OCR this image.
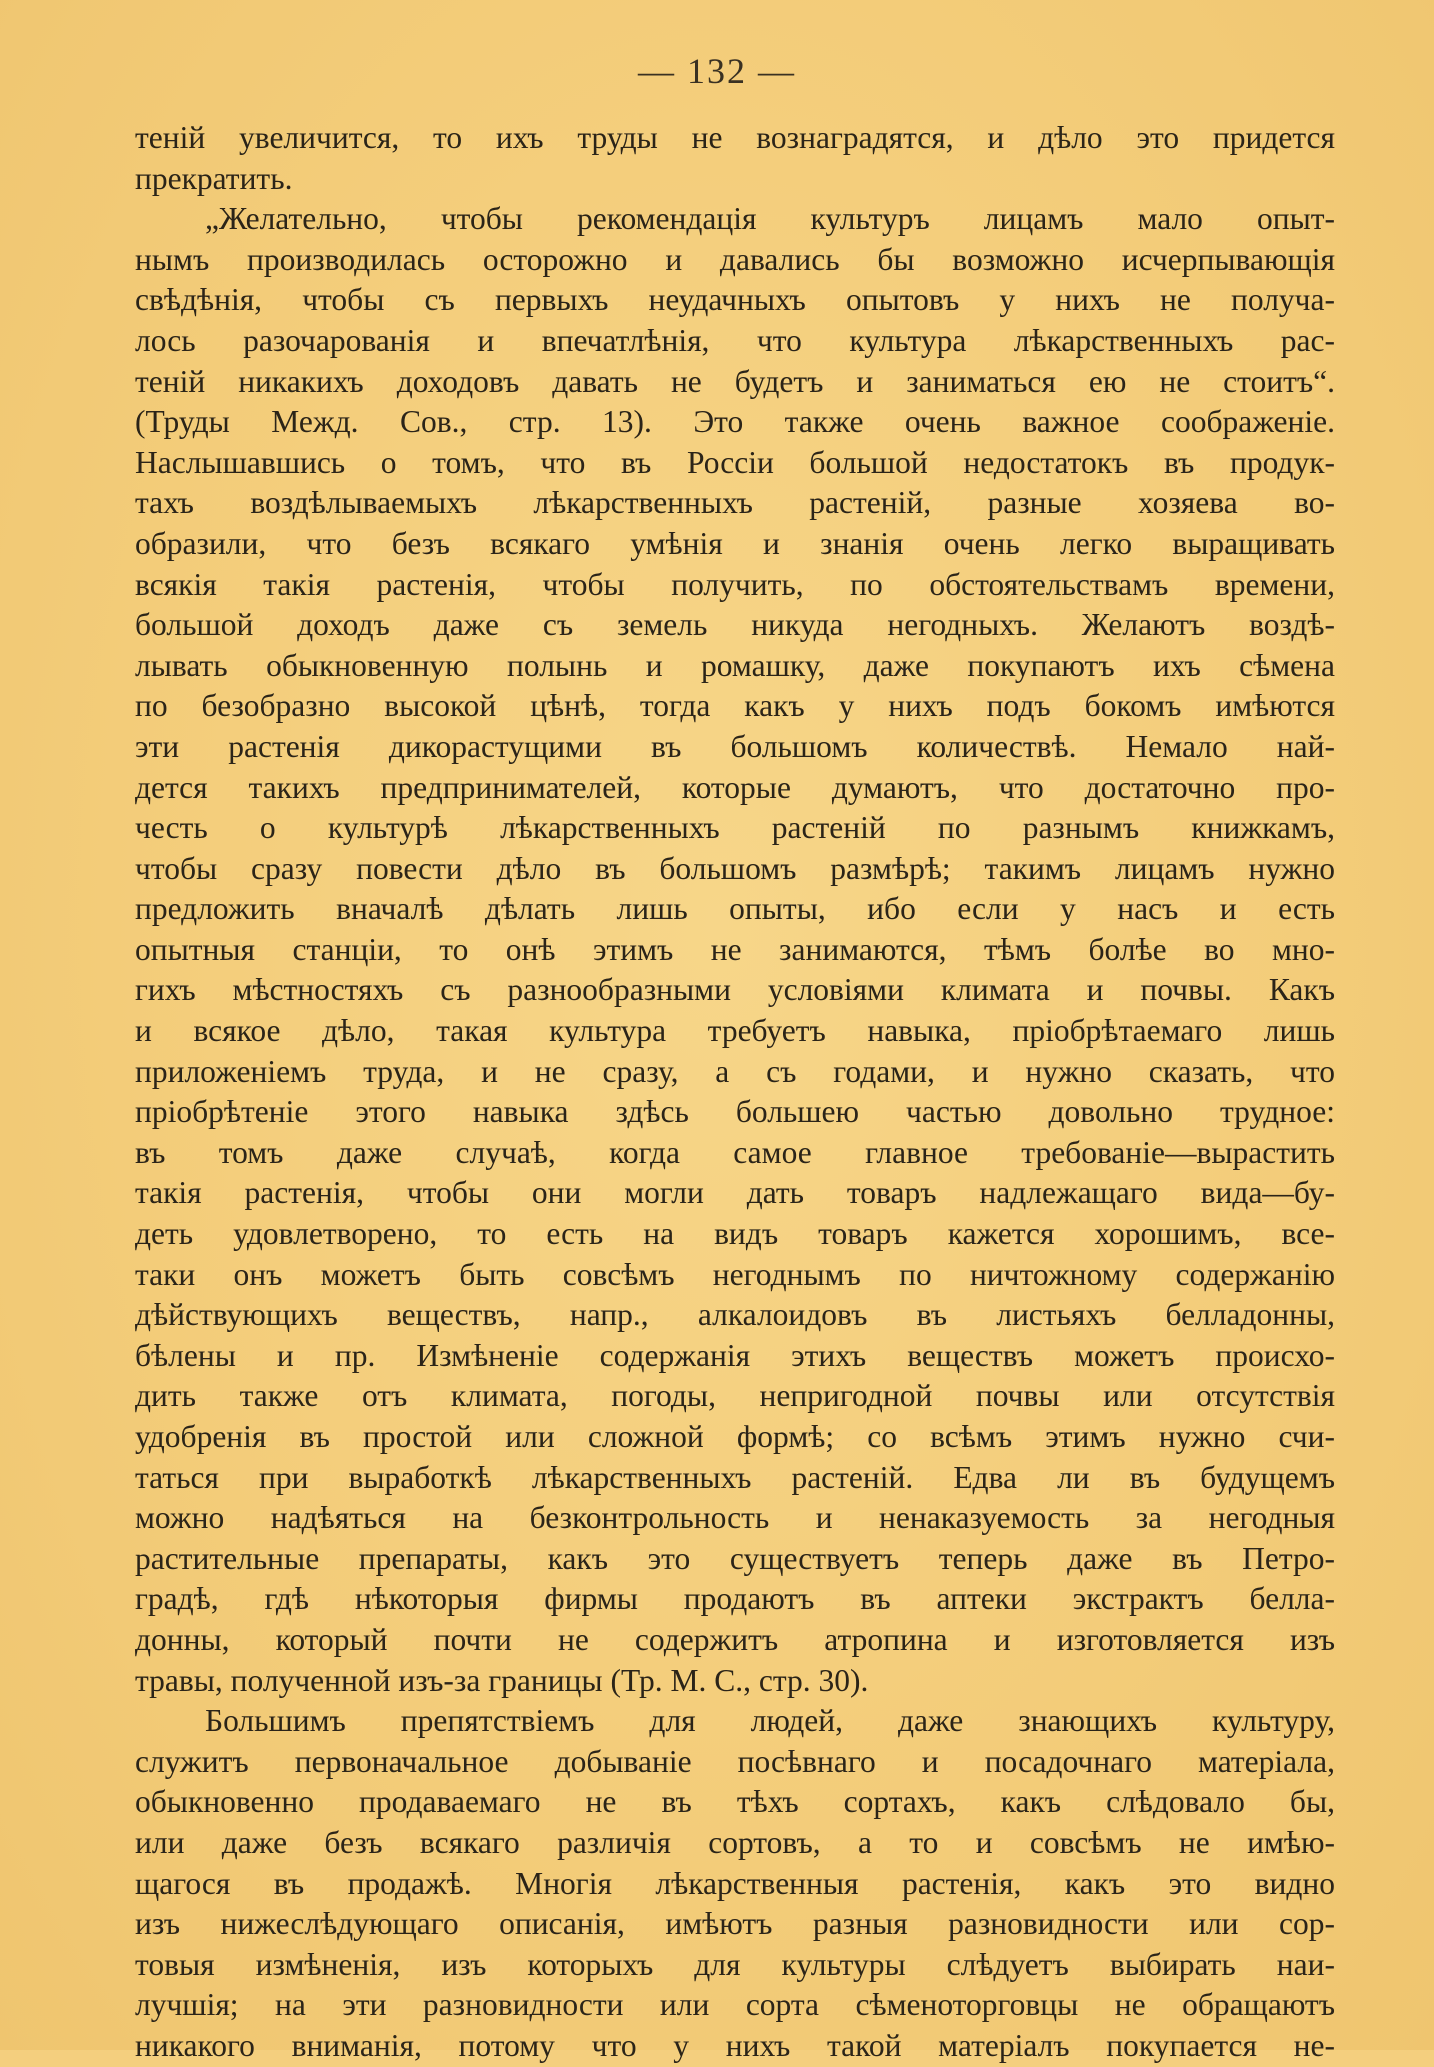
— 132 —
теній увеличится, то ихъ труды не вознаградятся, и дѣло это придется
прекратить.
„Желательно, чтобы рекомендація культуръ лицамъ мало опыт-
нымъ производилась осторожно и давались бы возможно исчерпывающія
свѣдѣнія, чтобы съ первыхъ неудачныхъ опытовъ у нихъ не получа-
лось разочарованія и впечатлѣнія, что культура лѣкарственныхъ рас-
теній никакихъ доходовъ давать не будетъ и заниматься ею не стоитъ“.
(Труды Межд. Сов., стр. 13). Это также очень важное соображеніе.
Наслышавшись о томъ, что въ Россіи большой недостатокъ въ продук-
тахъ воздѣлываемыхъ лѣкарственныхъ растеній, разные хозяева во-
образили, что безъ всякаго умѣнія и знанія очень легко выращивать
всякія такія растенія, чтобы получить, по обстоятельствамъ времени,
большой доходъ даже съ земель никуда негодныхъ. Желаютъ воздѣ-
лывать обыкновенную полынь и ромашку, даже покупаютъ ихъ сѣмена
по безобразно высокой цѣнѣ, тогда какъ у нихъ подъ бокомъ имѣются
эти растенія дикорастущими въ большомъ количествѣ. Немало най-
дется такихъ предпринимателей, которые думаютъ, что достаточно про-
честь о культурѣ лѣкарственныхъ растеній по разнымъ книжкамъ,
чтобы сразу повести дѣло въ большомъ размѣрѣ; такимъ лицамъ нужно
предложить вначалѣ дѣлать лишь опыты, ибо если у насъ и есть
опытныя станціи, то онѣ этимъ не занимаются, тѣмъ болѣе во мно-
гихъ мѣстностяхъ съ разнообразными условіями климата и почвы. Какъ
и всякое дѣло, такая культура требуетъ навыка, пріобрѣтаемаго лишь
приложеніемъ труда, и не сразу, а съ годами, и нужно сказать, что
пріобрѣтеніе этого навыка здѣсь большею частью довольно трудное:
въ томъ даже случаѣ, когда самое главное требованіе—вырастить
такія растенія, чтобы они могли дать товаръ надлежащаго вида—бу-
деть удовлетворено, то есть на видъ товаръ кажется хорошимъ, все-
таки онъ можетъ быть совсѣмъ негоднымъ по ничтожному содержанію
дѣйствующихъ веществъ, напр., алкалоидовъ въ листьяхъ белладонны,
бѣлены и пр. Измѣненіе содержанія этихъ веществъ можетъ происхо-
дить также отъ климата, погоды, непригодной почвы или отсутствія
удобренія въ простой или сложной формѣ; со всѣмъ этимъ нужно счи-
таться при выработкѣ лѣкарственныхъ растеній. Едва ли въ будущемъ
можно надѣяться на безконтрольность и ненаказуемость за негодныя
растительные препараты, какъ это существуетъ теперь даже въ Петро-
градѣ, гдѣ нѣкоторыя фирмы продаютъ въ аптеки экстрактъ белла-
донны, который почти не содержитъ атропина и изготовляется изъ
травы, полученной изъ-за границы (Тр. М. С., стр. 30).
Большимъ препятствіемъ для людей, даже знающихъ культуру,
служитъ первоначальное добываніе посѣвнаго и посадочнаго матеріала,
обыкновенно продаваемаго не въ тѣхъ сортахъ, какъ слѣдовало бы,
или даже безъ всякаго различія сортовъ, а то и совсѣмъ не имѣю-
щагося въ продажѣ. Многія лѣкарственныя растенія, какъ это видно
изъ нижеслѣдующаго описанія, имѣютъ разныя разновидности или сор-
товыя измѣненія, изъ которыхъ для культуры слѣдуетъ выбирать наи-
лучшія; на эти разновидности или сорта сѣменоторговцы не обращаютъ
никакого вниманія, потому что у нихъ такой матеріалъ покупается не-
